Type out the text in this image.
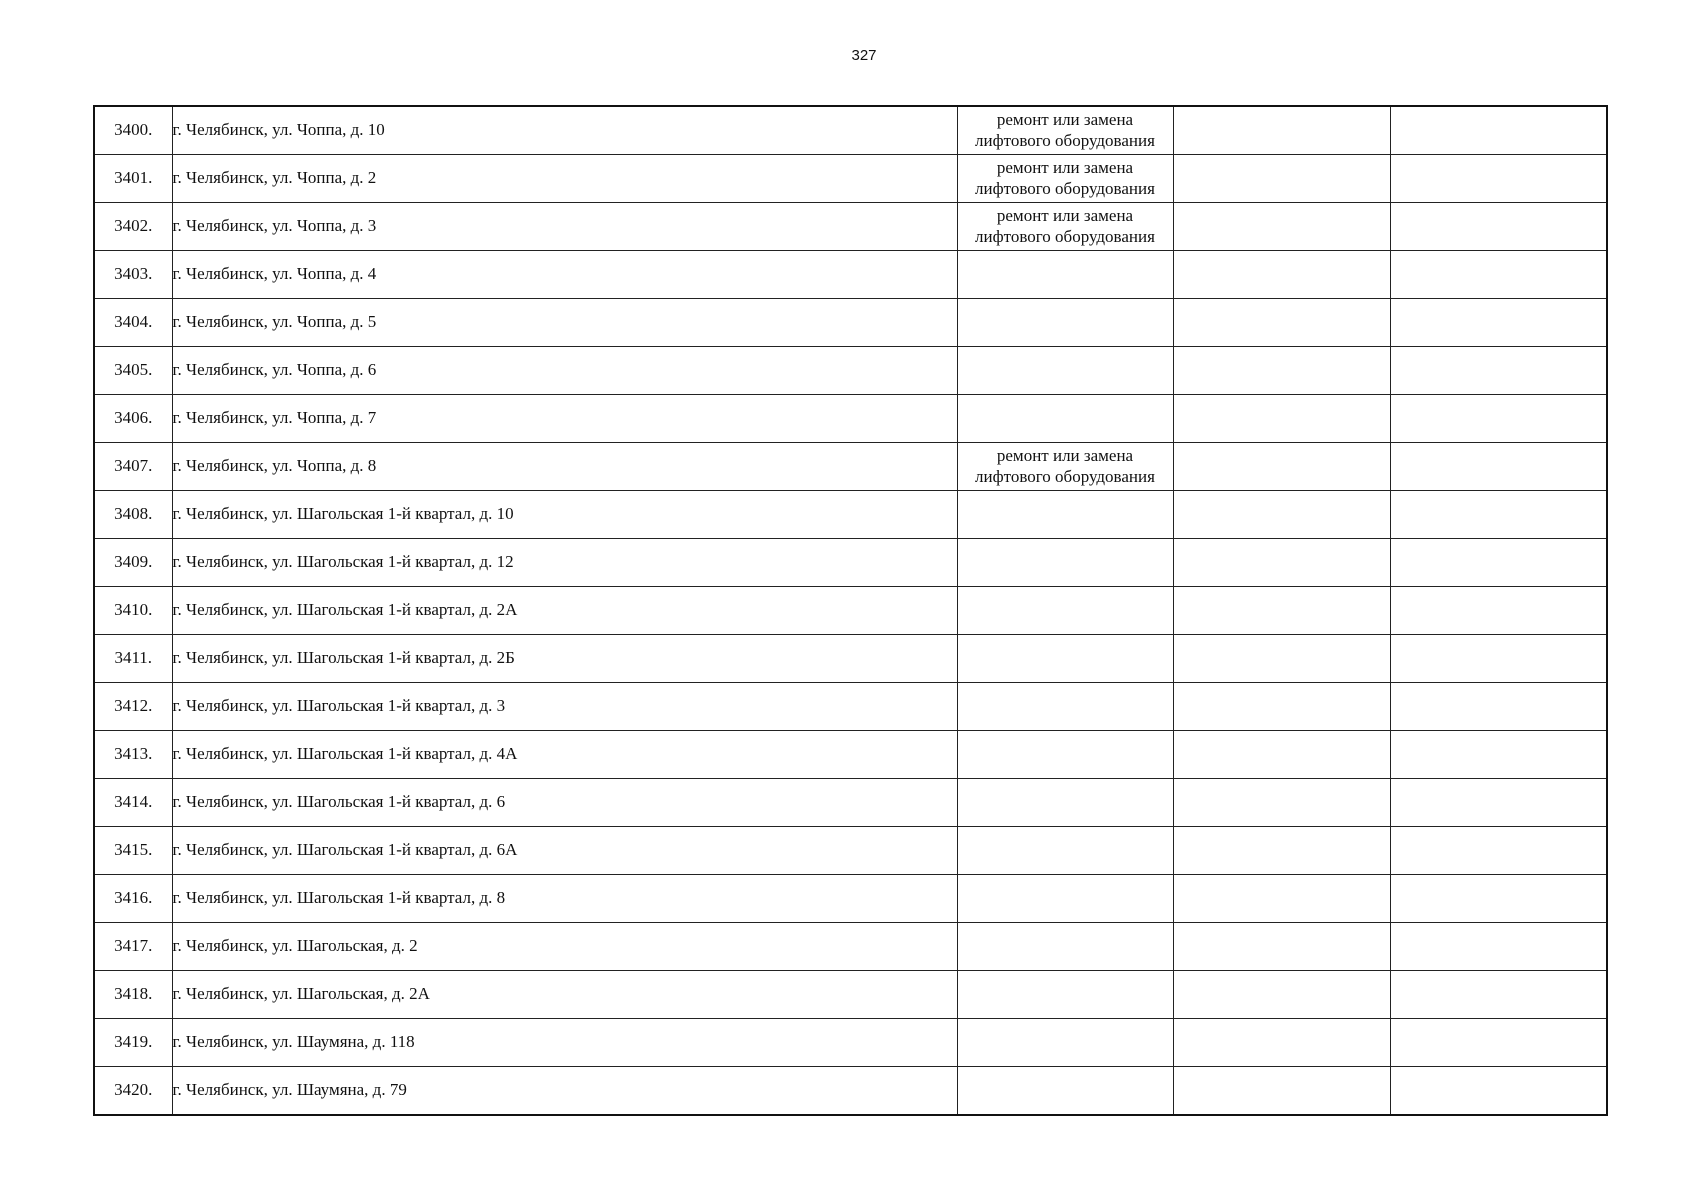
327
3400.	г. Челябинск, ул. Чоппа, д. 10	ремонт или замена
лифтового оборудования		
3401.	г. Челябинск, ул. Чоппа, д. 2	ремонт или замена
лифтового оборудования		
3402.	г. Челябинск, ул. Чоппа, д. 3	ремонт или замена
лифтового оборудования		
3403.	г. Челябинск, ул. Чоппа, д. 4			
3404.	г. Челябинск, ул. Чоппа, д. 5			
3405.	г. Челябинск, ул. Чоппа, д. 6			
3406.	г. Челябинск, ул. Чоппа, д. 7			
3407.	г. Челябинск, ул. Чоппа, д. 8	ремонт или замена
лифтового оборудования		
3408.	г. Челябинск, ул. Шагольская 1-й квартал, д. 10			
3409.	г. Челябинск, ул. Шагольская 1-й квартал, д. 12			
3410.	г. Челябинск, ул. Шагольская 1-й квартал, д. 2А			
3411.	г. Челябинск, ул. Шагольская 1-й квартал, д. 2Б			
3412.	г. Челябинск, ул. Шагольская 1-й квартал, д. 3			
3413.	г. Челябинск, ул. Шагольская 1-й квартал, д. 4А			
3414.	г. Челябинск, ул. Шагольская 1-й квартал, д. 6			
3415.	г. Челябинск, ул. Шагольская 1-й квартал, д. 6А			
3416.	г. Челябинск, ул. Шагольская 1-й квартал, д. 8			
3417.	г. Челябинск, ул. Шагольская, д. 2			
3418.	г. Челябинск, ул. Шагольская, д. 2А			
3419.	г. Челябинск, ул. Шаумяна, д. 118			
3420.	г. Челябинск, ул. Шаумяна, д. 79			
